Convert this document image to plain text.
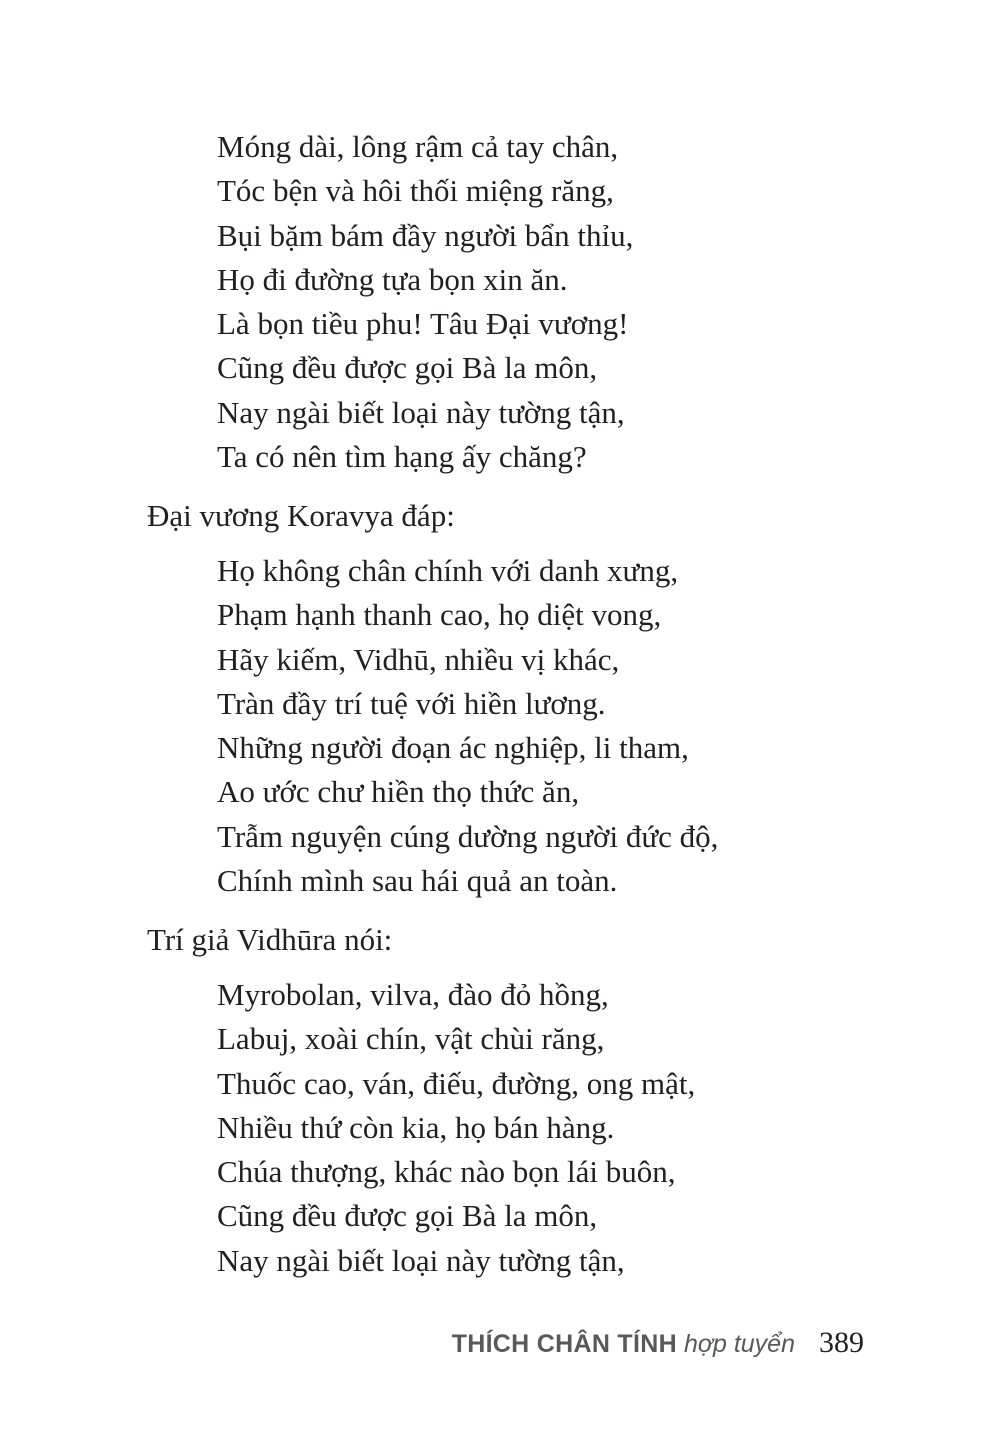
Móng dài, lông rậm cả tay chân,
Tóc bện và hôi thối miệng răng,
Bụi bặm bám đầy người bẩn thỉu,
Họ đi đường tựa bọn xin ăn.
Là bọn tiều phu! Tâu Đại vương!
Cũng đều được gọi Bà la môn,
Nay ngài biết loại này tường tận,
Ta có nên tìm hạng ấy chăng?
Đại vương Koravya đáp:
Họ không chân chính với danh xưng,
Phạm hạnh thanh cao, họ diệt vong,
Hãy kiếm, Vidhū, nhiều vị khác,
Tràn đầy trí tuệ với hiền lương.
Những người đoạn ác nghiệp, li tham,
Ao ước chư hiền thọ thức ăn,
Trẫm nguyện cúng dường người đức độ,
Chính mình sau hái quả an toàn.
Trí giả Vidhūra nói:
Myrobolan, vilva, đào đỏ hồng,
Labuj, xoài chín, vật chùi răng,
Thuốc cao, ván, điếu, đường, ong mật,
Nhiều thứ còn kia, họ bán hàng.
Chúa thượng, khác nào bọn lái buôn,
Cũng đều được gọi Bà la môn,
Nay ngài biết loại này tường tận,
THÍCH CHÂN TÍNH hợp tuyển 389
